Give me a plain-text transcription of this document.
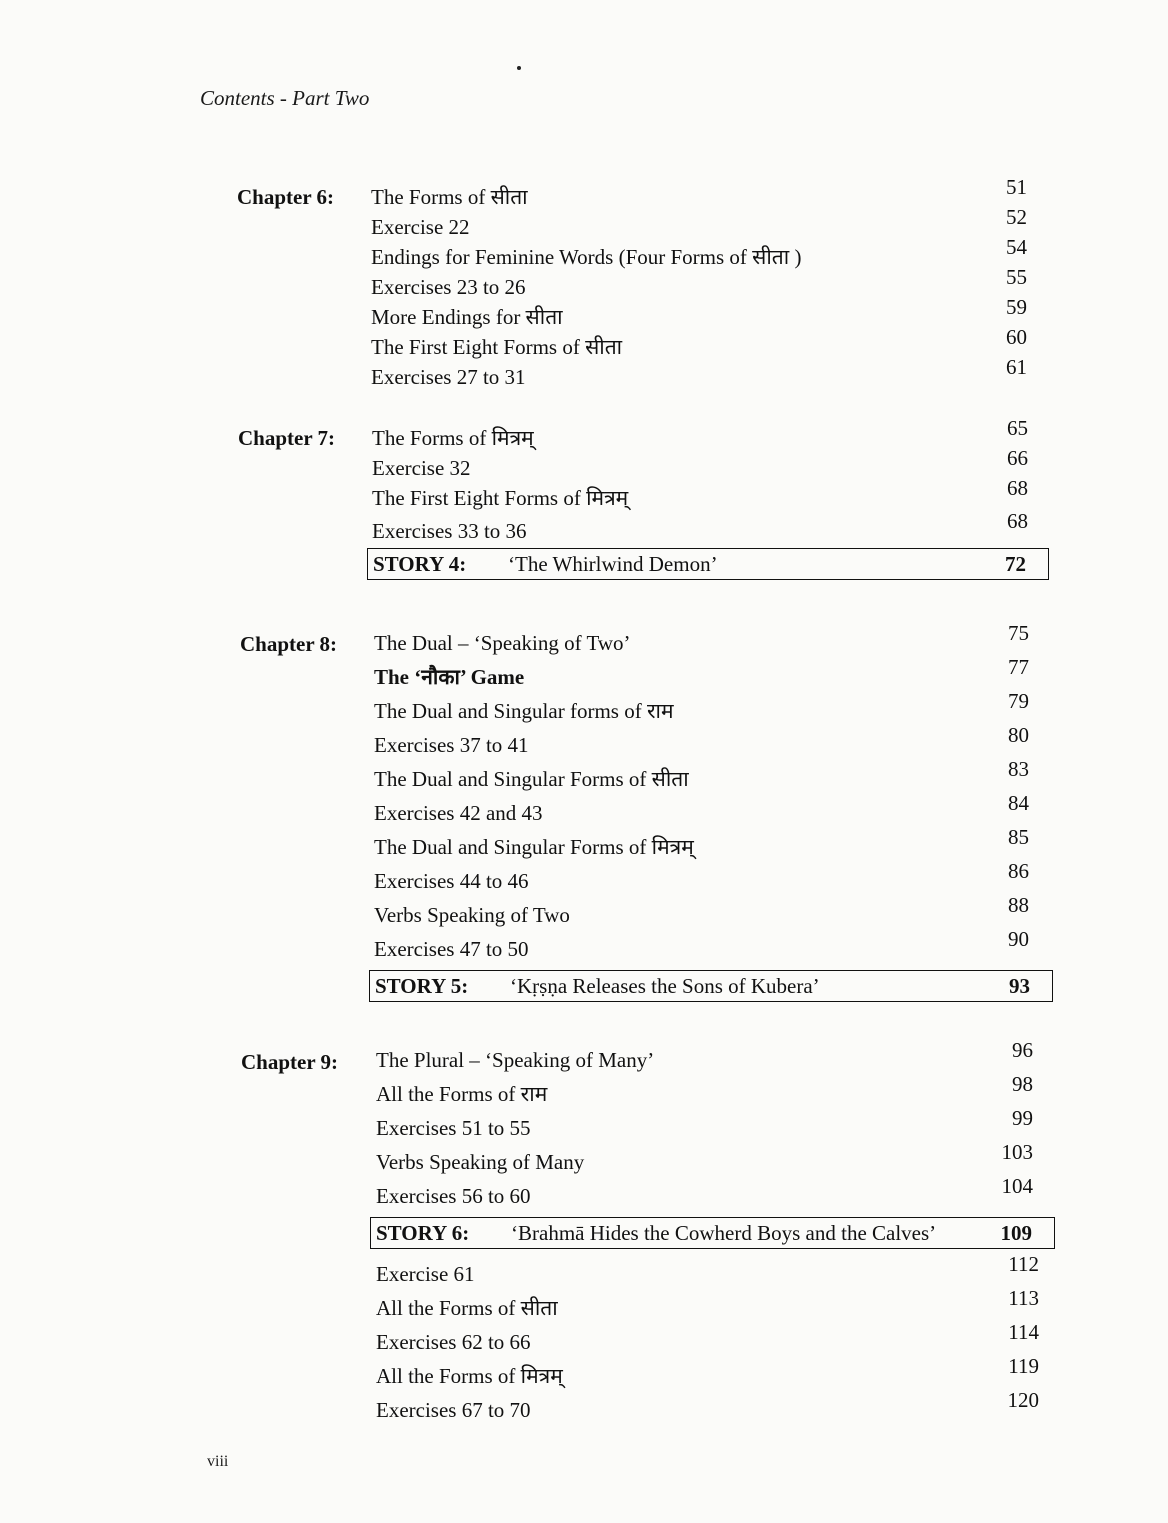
Contents - Part Two
Chapter 6: The Forms of सीता	51
Exercise 22	52
Endings for Feminine Words (Four Forms of सीता )	54
Exercises 23 to 26	55
More Endings for सीता	59
The First Eight Forms of सीता	60
Exercises 27 to 31	61
Chapter 7: The Forms of मित्रम्	65
Exercise 32	66
The First Eight Forms of मित्रम्	68
Exercises 33 to 36	68
STORY 4: ‘The Whirlwind Demon’	72
Chapter 8: The Dual – ‘Speaking of Two’	75
The ‘नौका’ Game	77
The Dual and Singular forms of राम	79
Exercises 37 to 41	80
The Dual and Singular Forms of सीता	83
Exercises 42 and 43	84
The Dual and Singular Forms of मित्रम्	85
Exercises 44 to 46	86
Verbs Speaking of Two	88
Exercises 47 to 50	90
STORY 5: ‘Kṛṣṇa Releases the Sons of Kubera’	93
Chapter 9: The Plural – ‘Speaking of Many’	96
All the Forms of राम	98
Exercises 51 to 55	99
Verbs Speaking of Many	103
Exercises 56 to 60	104
STORY 6: ‘Brahmā Hides the Cowherd Boys and the Calves’	109
Exercise 61	112
All the Forms of सीता	113
Exercises 62 to 66	114
All the Forms of मित्रम्	119
Exercises 67 to 70	120
viii
